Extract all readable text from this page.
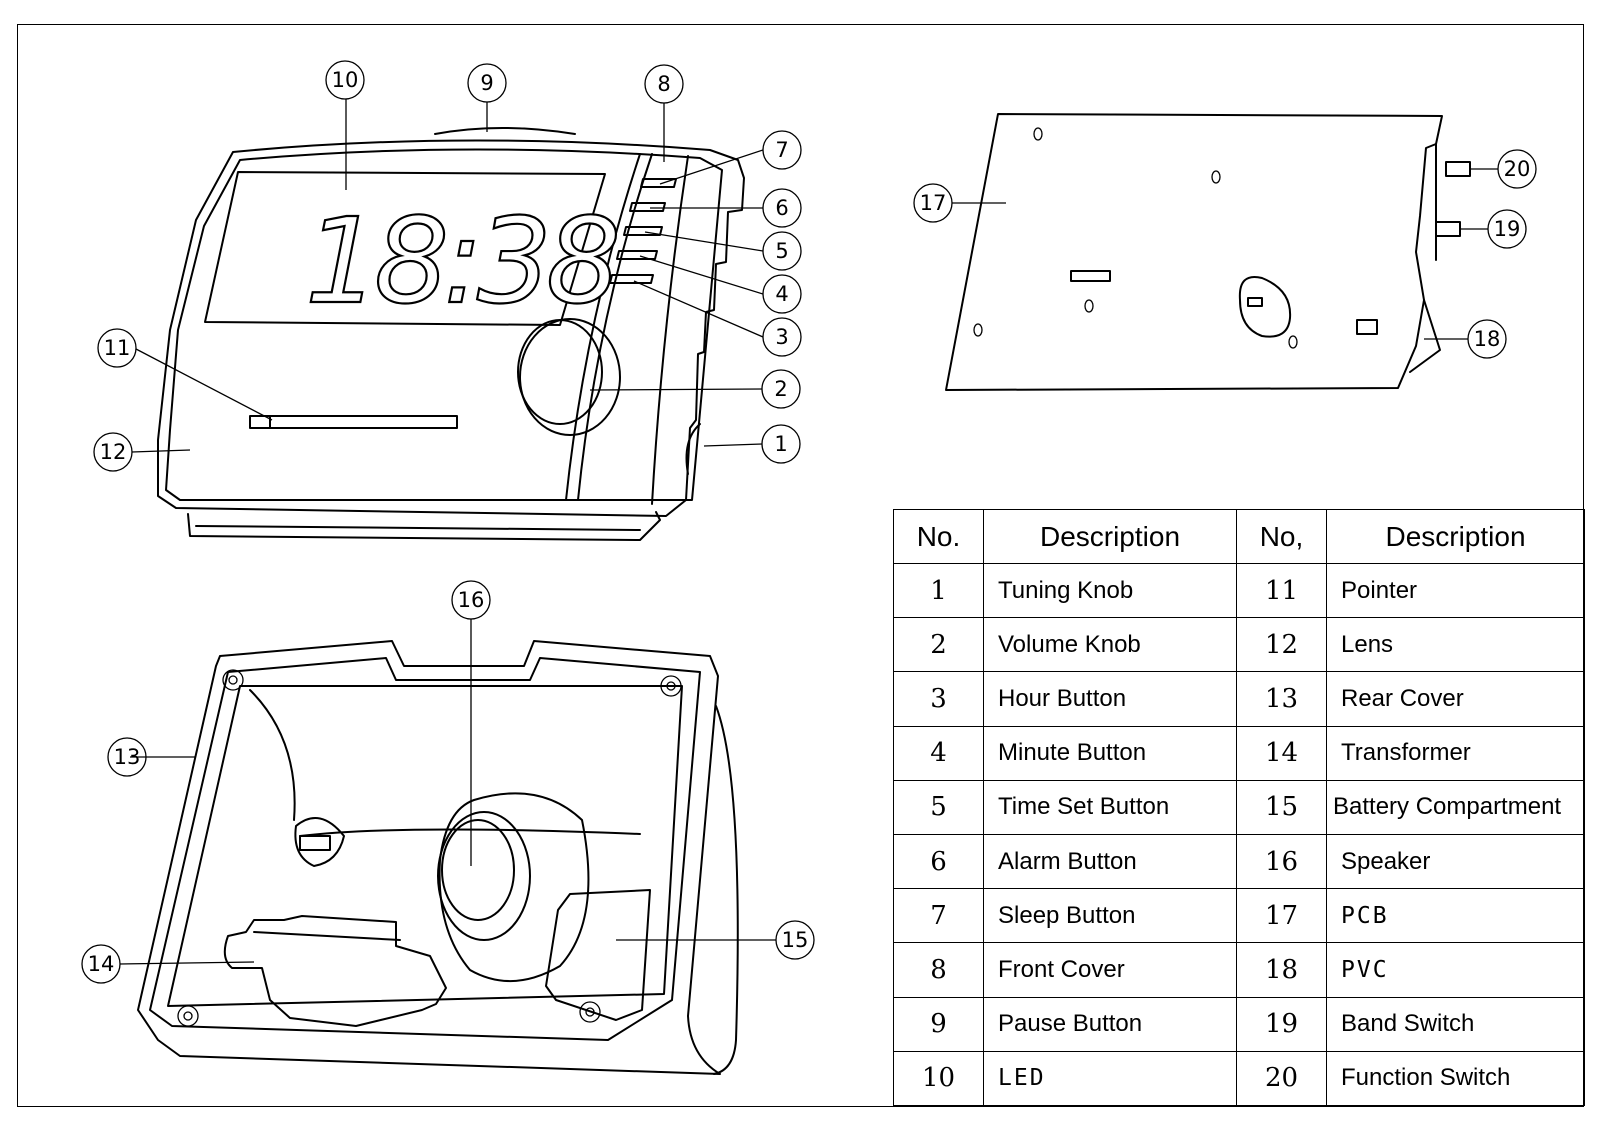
18:38
10	9	8
7
6
5
4
3
2
1
11
12
17
20
19
18
16
13
14
15
No.	Description	No,	Description
1	Tuning Knob	11	Pointer
2	Volume Knob	12	Lens
3	Hour Button	13	Rear Cover
4	Minute Button	14	Transformer
5	Time Set Button	15	Battery Compartment
6	Alarm Button	16	Speaker
7	Sleep Button	17	PCB
8	Front Cover	18	PVC
9	Pause Button	19	Band Switch
10	LED	20	Function Switch
